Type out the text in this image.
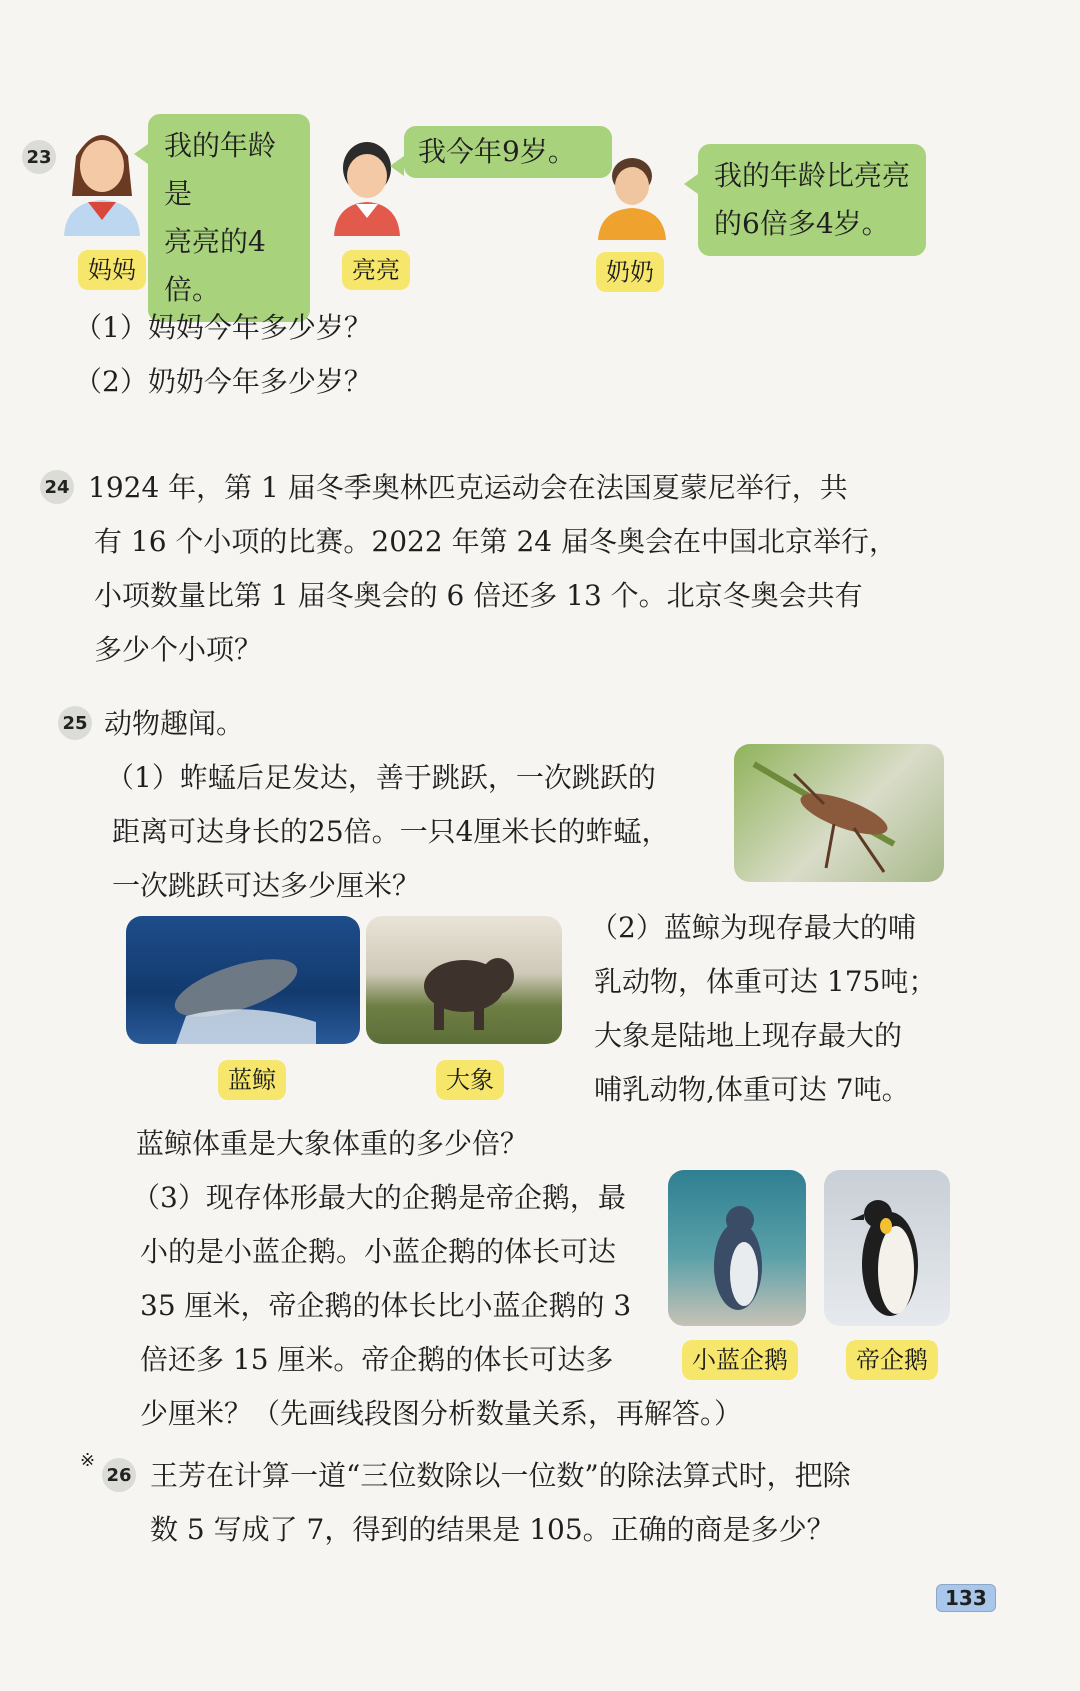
23	我的年龄是
亮亮的4倍。
妈妈
我今年9岁。
亮亮
我的年龄比亮亮
的6倍多4岁。
奶奶
（1）妈妈今年多少岁？
（2）奶奶今年多少岁？
24 1924 年，第 1 届冬季奥林匹克运动会在法国夏蒙尼举行，共
有 16 个小项的比赛。2022 年第 24 届冬奥会在中国北京举行，
小项数量比第 1 届冬奥会的 6 倍还多 13 个。北京冬奥会共有
多少个小项？
25 动物趣闻。
（1）蚱蜢后足发达，善于跳跃，一次跳跃的
距离可达身长的25倍。一只4厘米长的蚱蜢，
一次跳跃可达多少厘米？
蓝鲸	大象
（2）蓝鲸为现存最大的哺
乳动物，体重可达 175吨；
大象是陆地上现存最大的
哺乳动物,体重可达 7吨。
蓝鲸体重是大象体重的多少倍？
（3）现存体形最大的企鹅是帝企鹅，最
小的是小蓝企鹅。小蓝企鹅的体长可达
35 厘米，帝企鹅的体长比小蓝企鹅的 3
倍还多 15 厘米。帝企鹅的体长可达多
少厘米？（先画线段图分析数量关系，再解答。）
小蓝企鹅	帝企鹅
※
26 王芳在计算一道“三位数除以一位数”的除法算式时，把除
数 5 写成了 7，得到的结果是 105。正确的商是多少？
133
